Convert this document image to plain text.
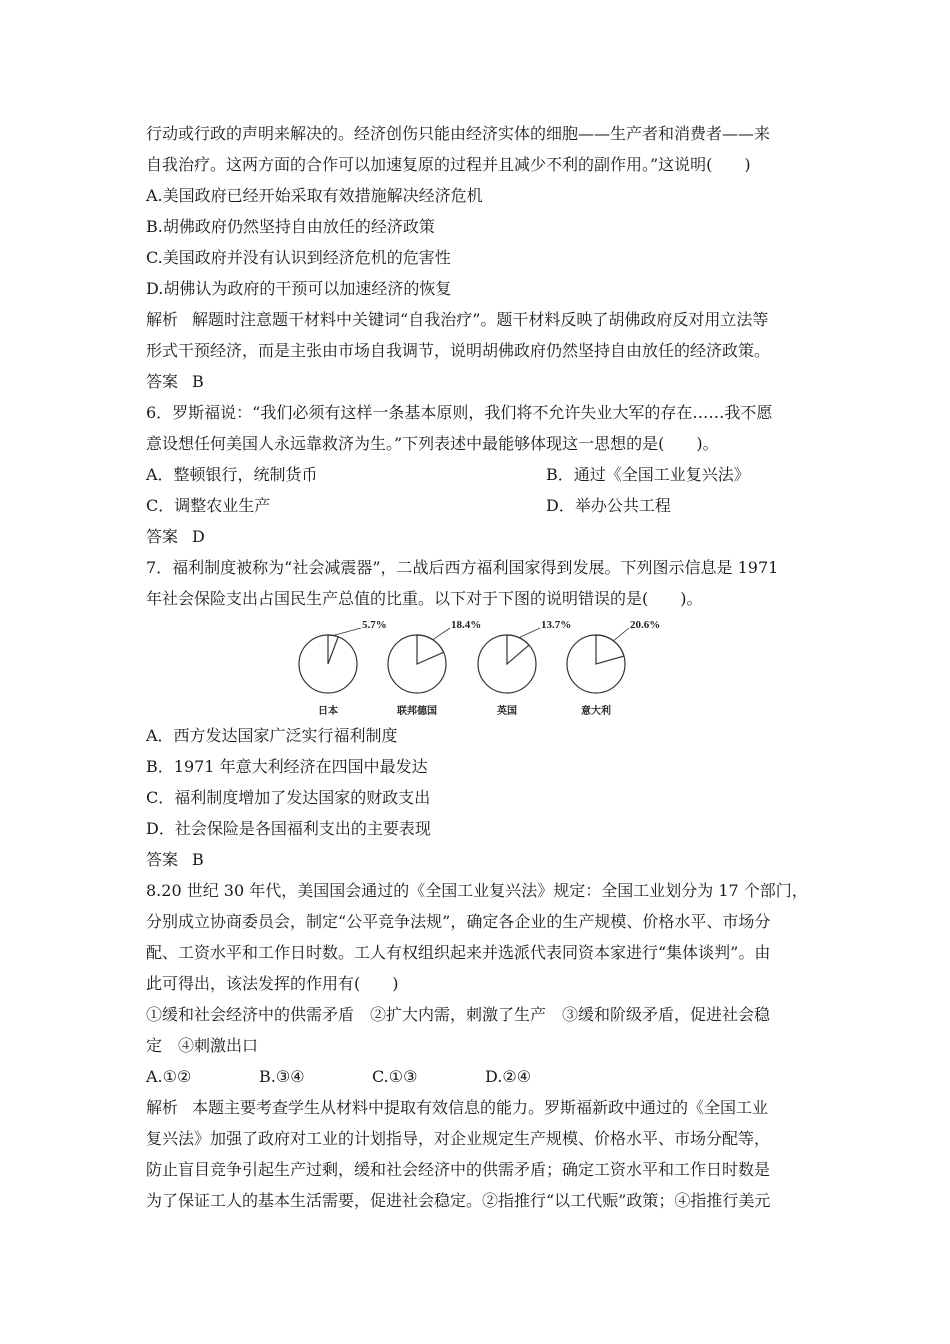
行动或行政的声明来解决的。经济创伤只能由经济实体的细胞——生产者和消费者——来
自我治疗。这两方面的合作可以加速复原的过程并且减少不利的副作用。”这说明(　　)
A.美国政府已经开始采取有效措施解决经济危机
B.胡佛政府仍然坚持自由放任的经济政策
C.美国政府并没有认识到经济危机的危害性
D.胡佛认为政府的干预可以加速经济的恢复
解析 解题时注意题干材料中关键词“自我治疗”。题干材料反映了胡佛政府反对用立法等
形式干预经济，而是主张由市场自我调节，说明胡佛政府仍然坚持自由放任的经济政策。
答案 B
6．罗斯福说：“我们必须有这样一条基本原则，我们将不允许失业大军的存在……我不愿
意设想任何美国人永远靠救济为生。”下列表述中最能够体现这一思想的是(　　)。
A．整顿银行，统制货币	B．通过《全国工业复兴法》
C．调整农业生产	D．举办公共工程
答案 D
7．福利制度被称为“社会减震器”，二战后西方福利国家得到发展。下列图示信息是 1971
年社会保险支出占国民生产总值的比重。以下对于下图的说明错误的是(　　)。
5.7%
日本
18.4%
联邦德国
13.7%
英国
20.6%
意大利
A．西方发达国家广泛实行福利制度
B．1971 年意大利经济在四国中最发达
C．福利制度增加了发达国家的财政支出
D．社会保险是各国福利支出的主要表现
答案 B
8.20 世纪 30 年代，美国国会通过的《全国工业复兴法》规定：全国工业划分为 17 个部门，
分别成立协商委员会，制定“公平竞争法规”，确定各企业的生产规模、价格水平、市场分
配、工资水平和工作日时数。工人有权组织起来并选派代表同资本家进行“集体谈判”。由
此可得出，该法发挥的作用有(　　)
①缓和社会经济中的供需矛盾　②扩大内需，刺激了生产　③缓和阶级矛盾，促进社会稳
定　④刺激出口
A.①②	B.③④	C.①③	D.②④
解析 本题主要考查学生从材料中提取有效信息的能力。罗斯福新政中通过的《全国工业
复兴法》加强了政府对工业的计划指导，对企业规定生产规模、价格水平、市场分配等，
防止盲目竞争引起生产过剩，缓和社会经济中的供需矛盾；确定工资水平和工作日时数是
为了保证工人的基本生活需要，促进社会稳定。②指推行“以工代赈”政策；④指推行美元
